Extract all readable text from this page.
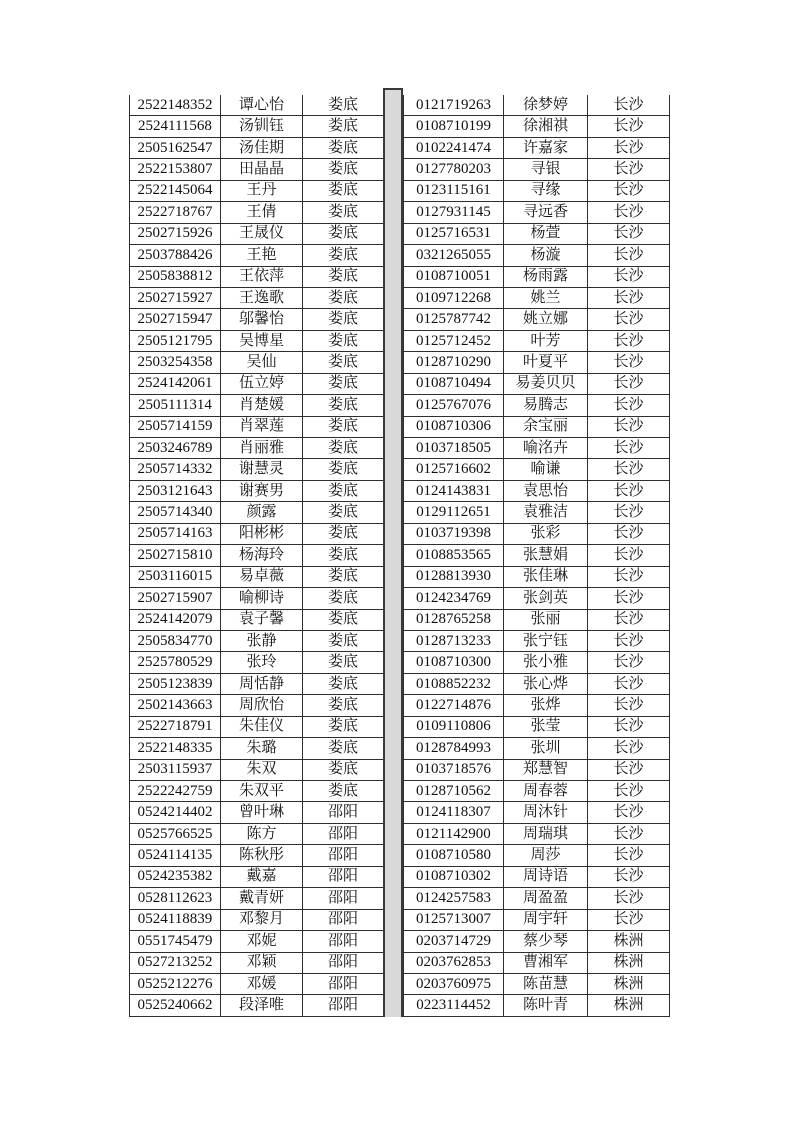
2522148352	谭心怡	娄底
2524111568	汤钏钰	娄底
2505162547	汤佳期	娄底
2522153807	田晶晶	娄底
2522145064	王丹	娄底
2522718767	王倩	娄底
2502715926	王晟仪	娄底
2503788426	王艳	娄底
2505838812	王依萍	娄底
2502715927	王逸歌	娄底
2502715947	邬馨怡	娄底
2505121795	吴博星	娄底
2503254358	吴仙	娄底
2524142061	伍立婷	娄底
2505111314	肖楚媛	娄底
2505714159	肖翠莲	娄底
2503246789	肖丽雅	娄底
2505714332	谢慧灵	娄底
2503121643	谢赛男	娄底
2505714340	颜露	娄底
2505714163	阳彬彬	娄底
2502715810	杨海玲	娄底
2503116015	易卓薇	娄底
2502715907	喻柳诗	娄底
2524142079	袁子馨	娄底
2505834770	张静	娄底
2525780529	张玲	娄底
2505123839	周恬静	娄底
2502143663	周欣怡	娄底
2522718791	朱佳仪	娄底
2522148335	朱璐	娄底
2503115937	朱双	娄底
2522242759	朱双平	娄底
0524214402	曾叶琳	邵阳
0525766525	陈方	邵阳
0524114135	陈秋彤	邵阳
0524235382	戴嘉	邵阳
0528112623	戴青妍	邵阳
0524118839	邓黎月	邵阳
0551745479	邓妮	邵阳
0527213252	邓颖	邵阳
0525212276	邓媛	邵阳
0525240662	段泽唯	邵阳
0121719263	徐梦婷	长沙
0108710199	徐湘祺	长沙
0102241474	许嘉家	长沙
0127780203	寻银	长沙
0123115161	寻缘	长沙
0127931145	寻远香	长沙
0125716531	杨萱	长沙
0321265055	杨漩	长沙
0108710051	杨雨露	长沙
0109712268	姚兰	长沙
0125787742	姚立娜	长沙
0125712452	叶芳	长沙
0128710290	叶夏平	长沙
0108710494	易姜贝贝	长沙
0125767076	易腾志	长沙
0108710306	余宝丽	长沙
0103718505	喻洺卉	长沙
0125716602	喻谦	长沙
0124143831	袁思怡	长沙
0129112651	袁雅洁	长沙
0103719398	张彩	长沙
0108853565	张慧娟	长沙
0128813930	张佳琳	长沙
0124234769	张剑英	长沙
0128765258	张丽	长沙
0128713233	张宁钰	长沙
0108710300	张小雅	长沙
0108852232	张心烨	长沙
0122714876	张烨	长沙
0109110806	张莹	长沙
0128784993	张圳	长沙
0103718576	郑慧智	长沙
0128710562	周春蓉	长沙
0124118307	周沐针	长沙
0121142900	周瑞琪	长沙
0108710580	周莎	长沙
0108710302	周诗语	长沙
0124257583	周盈盈	长沙
0125713007	周宇轩	长沙
0203714729	蔡少琴	株洲
0203762853	曹湘军	株洲
0203760975	陈苗慧	株洲
0223114452	陈叶青	株洲
